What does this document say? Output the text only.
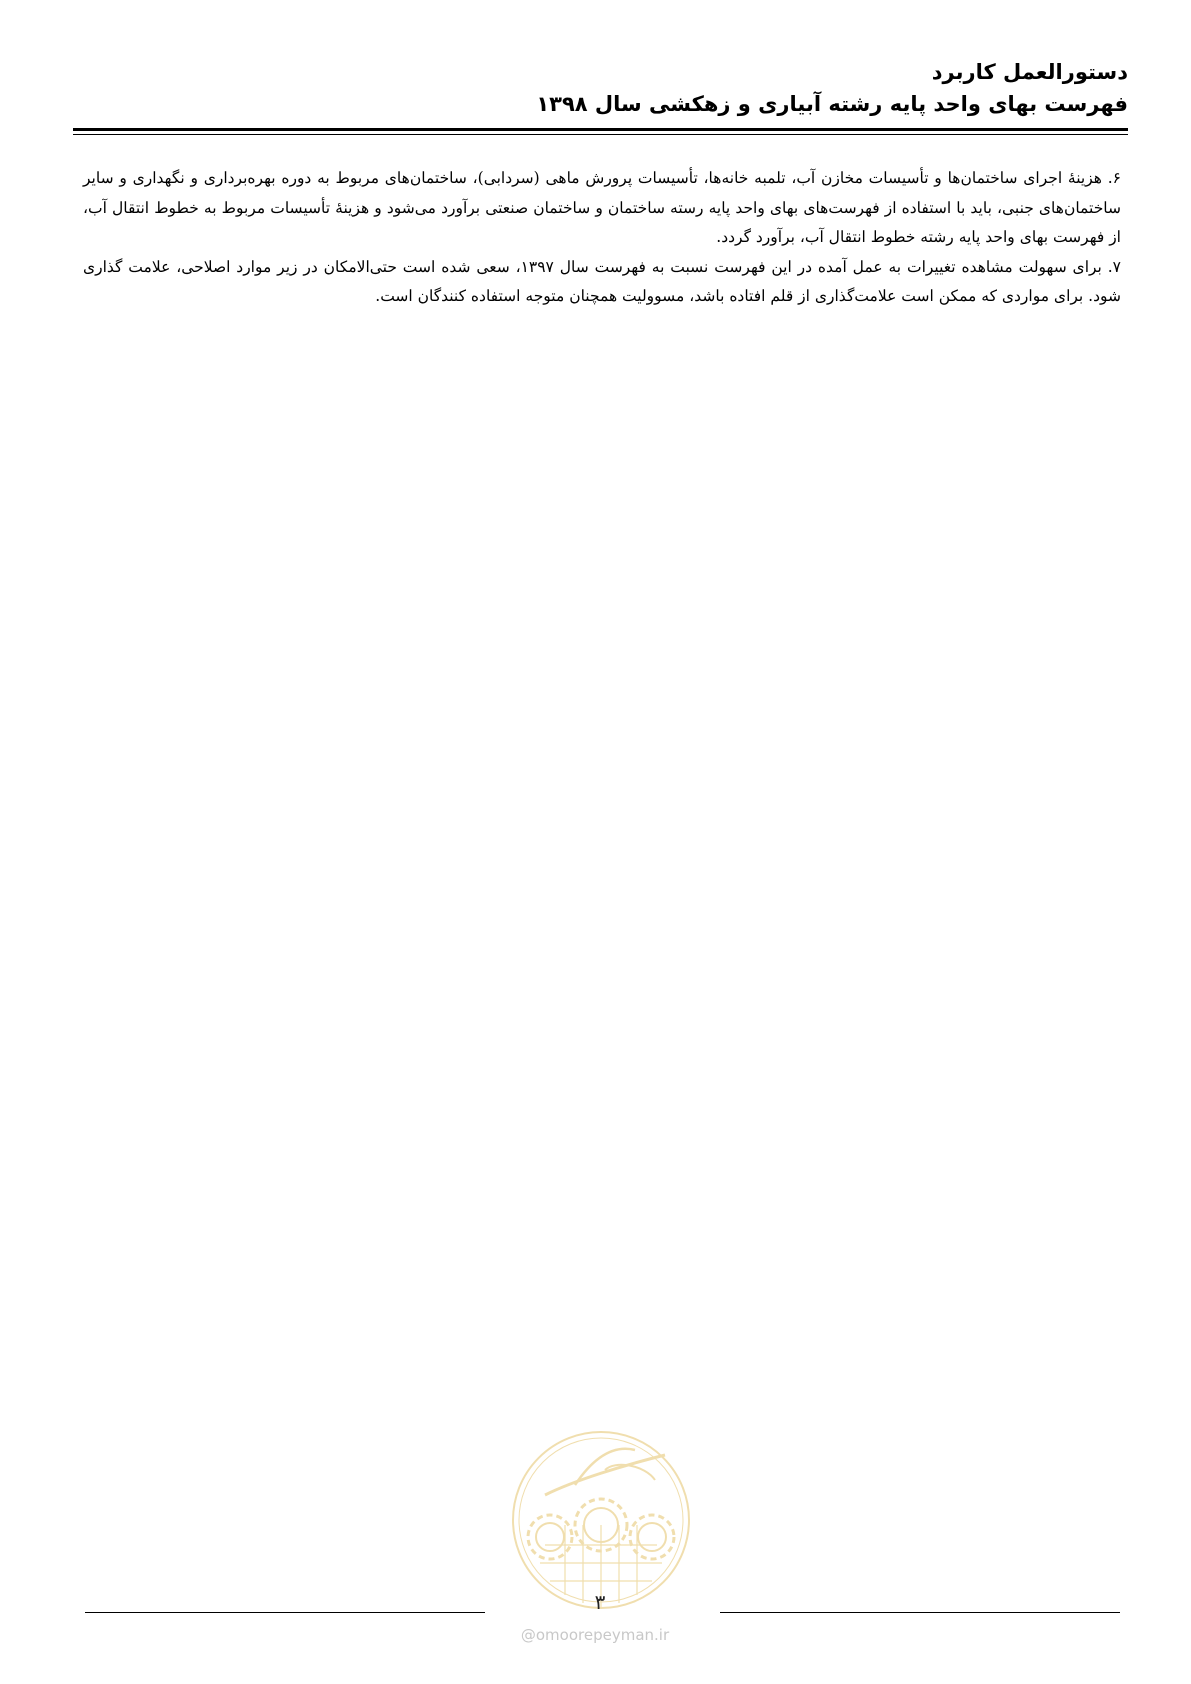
دستورالعمل کاربرد

فهرست بهای واحد پایه رشته آبیاری و زهکشی سال ۱۳۹۸

۶. هزینهٔ اجرای ساختمان‌ها و تأسیسات مخازن آب، تلمبه خانه‌ها، تأسیسات پرورش ماهی (سردابی)، ساختمان‌های مربوط به دوره بهره‌برداری و نگهداری و سایر ساختمان‌های جنبی، باید با استفاده از فهرست‌های بهای واحد پایه رسته ساختمان و ساختمان صنعتی برآورد می‌شود و هزینهٔ تأسیسات مربوط به خطوط انتقال آب، از فهرست بهای واحد پایه رشته خطوط انتقال آب، برآورد گردد.

۷. برای سهولت مشاهده تغییرات به عمل آمده در این فهرست نسبت به فهرست سال ۱۳۹۷، سعی شده است حتی‌الامکان در زیر موارد اصلاحی، علامت گذاری شود. برای مواردی که ممکن است علامت‌گذاری از قلم افتاده باشد، مسوولیت همچنان متوجه استفاده کنندگان است.

۳
@omoorepeyman.ir
